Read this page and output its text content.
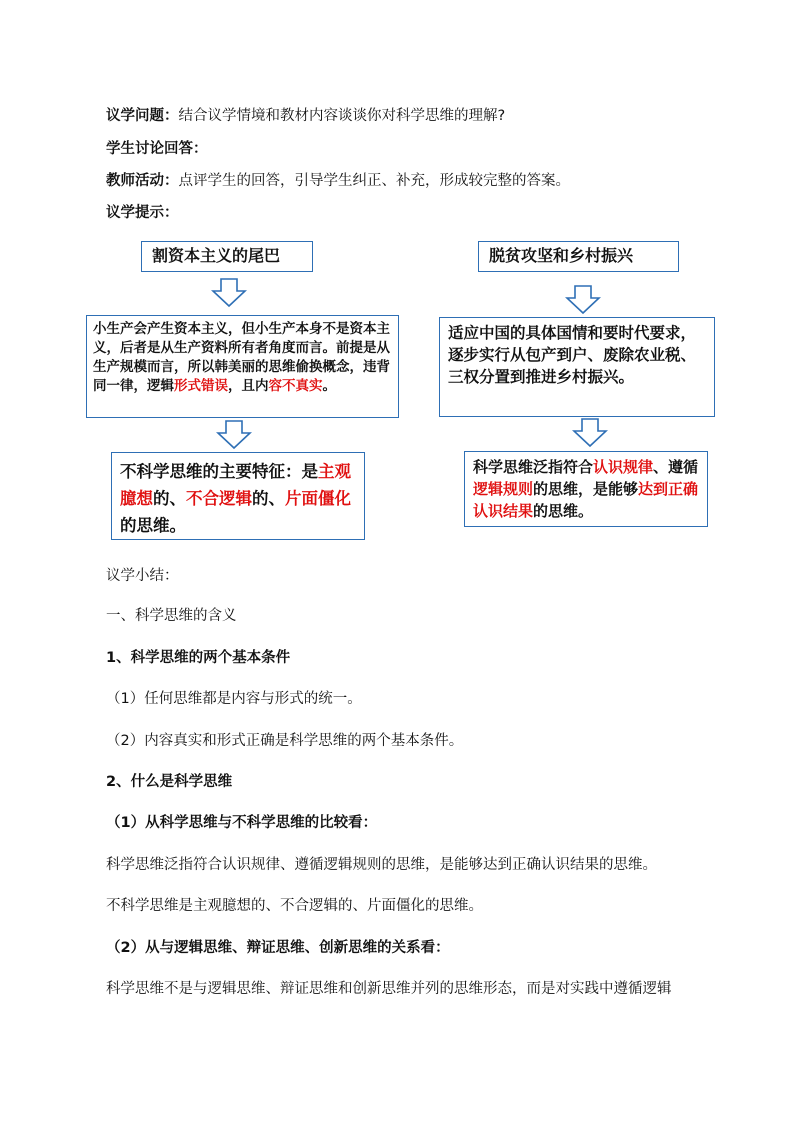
议学问题：结合议学情境和教材内容谈谈你对科学思维的理解?
学生讨论回答：
教师活动：点评学生的回答，引导学生纠正、补充，形成较完整的答案。
议学提示：
割资本主义的尾巴
小生产会产生资本主义，但小生产本身不是资本主义，后者是从生产资料所有者角度而言。前提是从生产规模而言，所以韩美丽的思维偷换概念，违背同一律，逻辑形式错误，且内容不真实。
不科学思维的主要特征：是主观臆想的、不合逻辑的、片面僵化的思维。
脱贫攻坚和乡村振兴
适应中国的具体国情和要时代要求，逐步实行从包产到户、废除农业税、三权分置到推进乡村振兴。
科学思维泛指符合认识规律、遵循逻辑规则的思维，是能够达到正确认识结果的思维。
议学小结：
一、科学思维的含义
1、科学思维的两个基本条件
（1）任何思维都是内容与形式的统一。
（2）内容真实和形式正确是科学思维的两个基本条件。
2、什么是科学思维
（1）从科学思维与不科学思维的比较看：
科学思维泛指符合认识规律、遵循逻辑规则的思维，是能够达到正确认识结果的思维。
不科学思维是主观臆想的、不合逻辑的、片面僵化的思维。
（2）从与逻辑思维、辩证思维、创新思维的关系看：
科学思维不是与逻辑思维、辩证思维和创新思维并列的思维形态，而是对实践中遵循逻辑
